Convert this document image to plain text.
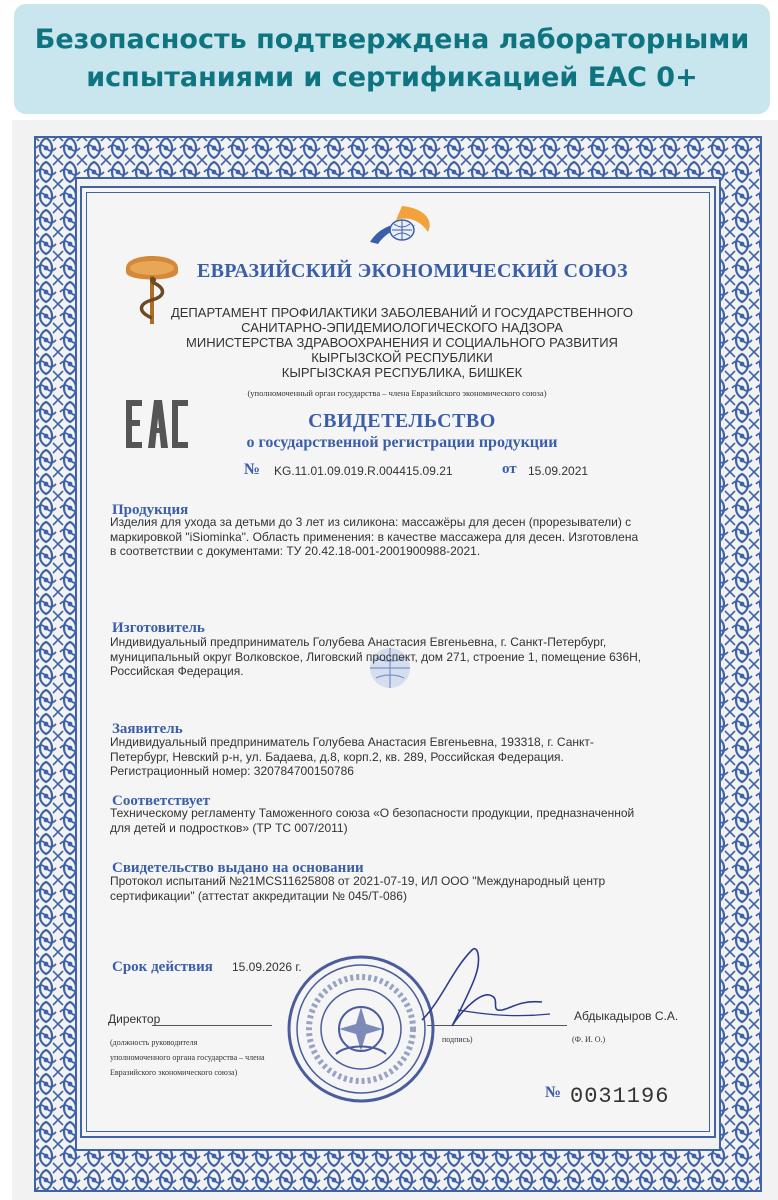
Безопасность подтверждена лабораторными
испытаниями и сертификацией ЕАС 0+
ЕВРАЗИЙСКИЙ ЭКОНОМИЧЕСКИЙ СОЮЗ
ДЕПАРТАМЕНТ ПРОФИЛАКТИКИ ЗАБОЛЕВАНИЙ И ГОСУДАРСТВЕННОГО
САНИТАРНО-ЭПИДЕМИОЛОГИЧЕСКОГО НАДЗОРА
МИНИСТЕРСТВА ЗДРАВООХРАНЕНИЯ И СОЦИАЛЬНОГО РАЗВИТИЯ
КЫРГЫЗСКОЙ РЕСПУБЛИКИ
КЫРГЫЗСКАЯ РЕСПУБЛИКА, БИШКЕК
(уполномоченный орган государства – члена Евразийского экономического союза)
СВИДЕТЕЛЬСТВО
о государственной регистрации продукции
№ KG.11.01.09.019.R.004415.09.21	от 15.09.2021
Продукция
Изделия для ухода за детьми до 3 лет из силикона: массажёры для десен (прорезыватели) с
маркировкой "iSiominka". Область применения: в качестве массажера для десен. Изготовлена
в соответствии с документами: ТУ 20.42.18-001-2001900988-2021.
Изготовитель
Индивидуальный предприниматель Голубева Анастасия Евгеньевна, г. Санкт-Петербург,
муниципальный округ Волковское, Лиговский проспект, дом 271, строение 1, помещение 636Н,
Российская Федерация.
Заявитель
Индивидуальный предприниматель Голубева Анастасия Евгеньевна, 193318, г. Санкт-
Петербург, Невский р-н, ул. Бадаева, д.8, корп.2, кв. 289, Российская Федерация.
Регистрационный номер: 320784700150786
Соответствует
Техническому регламенту Таможенного союза «О безопасности продукции, предназначенной
для детей и подростков» (ТР ТС 007/2011)
Свидетельство выдано на основании
Протокол испытаний №21MCS11625808 от 2021-07-19, ИЛ ООО "Международный центр
сертификации" (аттестат аккредитации № 045/Т-086)
Срок действия 15.09.2026 г.
Директор	Абдыкадыров С.А.
(должность руководителя
уполномоченного органа государства – члена
Евразийского экономического союза)
подпись)	(Ф. И. О.)
№ 0031196
